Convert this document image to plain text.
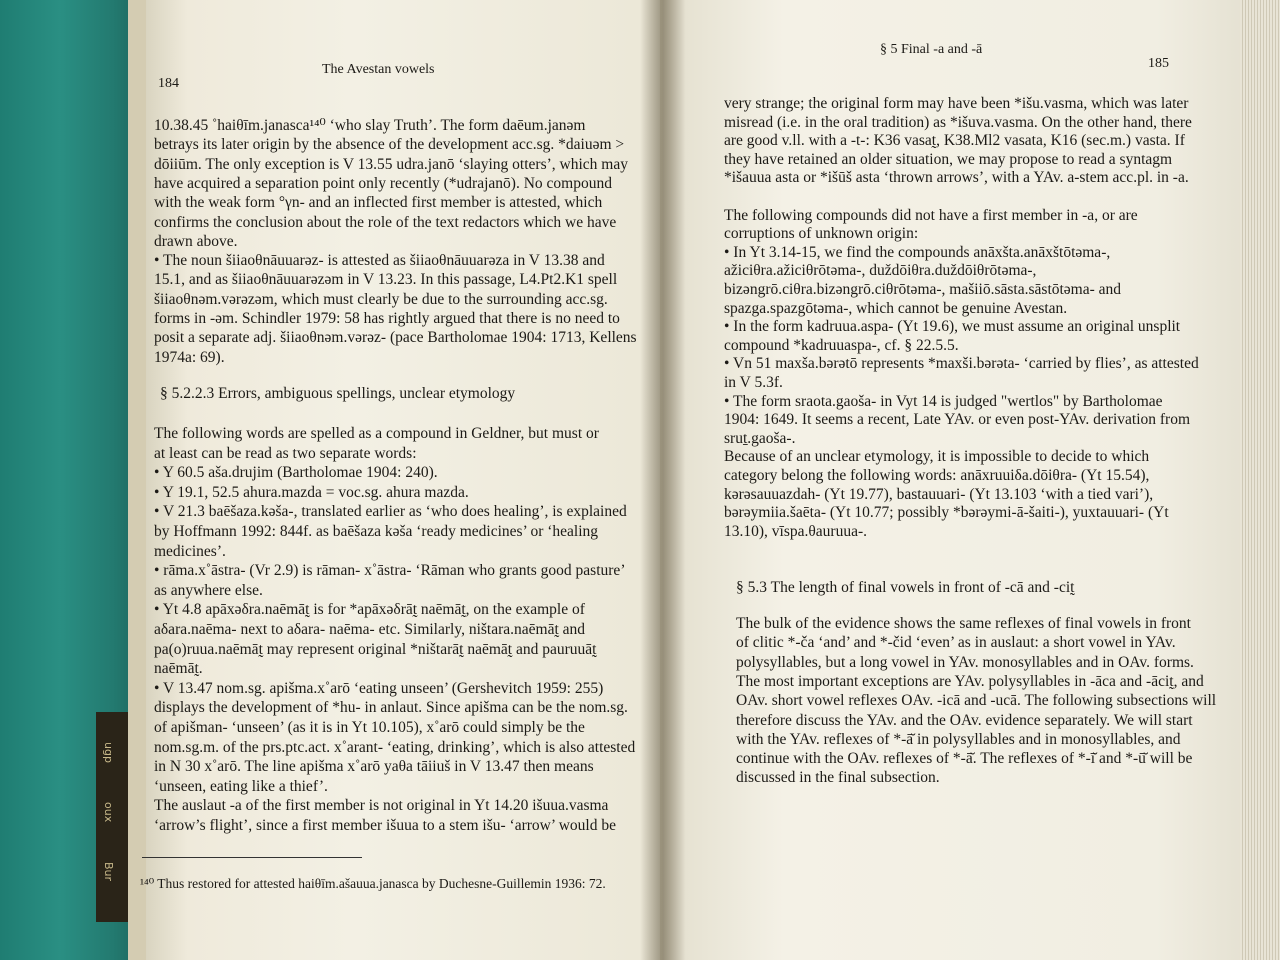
ugp
oux
Bur
184
The Avestan vowels
10.38.45 ˚haiθīm.janasca¹⁴⁰ ‘who slay Truth’. The form daēum.janəm
betrays its later origin by the absence of the development acc.sg. *daiuəm >
dōiiūm. The only exception is V 13.55 udra.janō ‘slaying otters’, which may
have acquired a separation point only recently (*udrajanō). No compound
with the weak form °γn- and an inflected first member is attested, which
confirms the conclusion about the role of the text redactors which we have
drawn above.
• The noun šiiaoθnāuuarəz- is attested as šiiaoθnāuuarəza in V 13.38 and
15.1, and as šiiaoθnāuuarəzəm in V 13.23. In this passage, L4.Pt2.K1 spell
šiiaoθnəm.vərəzəm, which must clearly be due to the surrounding acc.sg.
forms in -əm. Schindler 1979: 58 has rightly argued that there is no need to
posit a separate adj. šiiaoθnəm.vərəz- (pace Bartholomae 1904: 1713, Kellens
1974a: 69).
§ 5.2.2.3 Errors, ambiguous spellings, unclear etymology
The following words are spelled as a compound in Geldner, but must or
at least can be read as two separate words:
• Y 60.5 aša.drujim (Bartholomae 1904: 240).
• Y 19.1, 52.5 ahura.mazda = voc.sg. ahura mazda.
• V 21.3 baēšaza.kəša-, translated earlier as ‘who does healing’, is explained
by Hoffmann 1992: 844f. as baēšaza kəša ‘ready medicines’ or ‘healing
medicines’.
• rāma.x˚āstra- (Vr 2.9) is rāman- x˚āstra- ‘Rāman who grants good pasture’
as anywhere else.
• Yt 4.8 apāxəδra.naēmāt̰ is for *apāxəδrāt̰ naēmāt̰, on the example of
aδara.naēma- next to aδara- naēma- etc. Similarly, ništara.naēmāt̰ and
pa(o)ruua.naēmāt̰ may represent original *ništarāt̰ naēmāt̰ and pauruuāt̰
naēmāt̰.
• V 13.47 nom.sg. apišma.x˚arō ‘eating unseen’ (Gershevitch 1959: 255)
displays the development of *hu- in anlaut. Since apišma can be the nom.sg.
of apišman- ‘unseen’ (as it is in Yt 10.105), x˚arō could simply be the
nom.sg.m. of the prs.ptc.act. x˚arant- ‘eating, drinking’, which is also attested
in N 30 x˚arō. The line apišma x˚arō yaθa tāiiuš in V 13.47 then means
‘unseen, eating like a thief’.
The auslaut -a of the first member is not original in Yt 14.20 išuua.vasma
‘arrow’s flight’, since a first member išuua to a stem išu- ‘arrow’ would be
¹⁴⁰ Thus restored for attested haiθīm.ašauua.janasca by Duchesne-Guillemin 1936: 72.
§ 5 Final -a and -ā
185
very strange; the original form may have been *išu.vasma, which was later
misread (i.e. in the oral tradition) as *išuva.vasma. On the other hand, there
are good v.ll. with a -t-: K36 vasat̰, K38.Ml2 vasata, K16 (sec.m.) vasta. If
they have retained an older situation, we may propose to read a syntagm
*išauua asta or *išūš asta ‘thrown arrows’, with a YAv. a-stem acc.pl. in -a.
The following compounds did not have a first member in -a, or are
corruptions of unknown origin:
• In Yt 3.14-15, we find the compounds anāxšta.anāxštōtəma-,
ažiciθra.ažiciθrōtəma-, duždōiθra.duždōiθrōtəma-,
bizəngrō.ciθra.bizəngrō.ciθrōtəma-, mašiiō.sāsta.sāstōtəma- and
spazga.spazgōtəma-, which cannot be genuine Avestan.
• In the form kadruua.aspa- (Yt 19.6), we must assume an original unsplit
compound *kadruuaspa-, cf. § 22.5.5.
• Vn 51 maxša.bərətō represents *maxši.bərəta- ‘carried by flies’, as attested
in V 5.3f.
• The form sraota.gaoša- in Vyt 14 is judged "wertlos" by Bartholomae
1904: 1649. It seems a recent, Late YAv. or even post-YAv. derivation from
sruṯ.gaoša-.
Because of an unclear etymology, it is impossible to decide to which
category belong the following words: anāxruuiδa.dōiθra- (Yt 15.54),
kərəsauuazdah- (Yt 19.77), bastauuari- (Yt 13.103 ‘with a tied vari’),
bərəymiia.šaēta- (Yt 10.77; possibly *bərəymi-ā-šaiti-), yuxtauuari- (Yt
13.10), vīspa.θauruua-.
§ 5.3 The length of final vowels in front of -cā and -cit̰
The bulk of the evidence shows the same reflexes of final vowels in front
of clitic *-ča ‘and’ and *-čid ‘even’ as in auslaut: a short vowel in YAv.
polysyllables, but a long vowel in YAv. monosyllables and in OAv. forms.
The most important exceptions are YAv. polysyllables in -āca and -ācit̰, and
OAv. short vowel reflexes OAv. -icā and -ucā. The following subsections will
therefore discuss the YAv. and the OAv. evidence separately. We will start
with the YAv. reflexes of *-ā̆ in polysyllables and in monosyllables, and
continue with the OAv. reflexes of *-ā̆. The reflexes of *-ī̆ and *-ū̆ will be
discussed in the final subsection.
